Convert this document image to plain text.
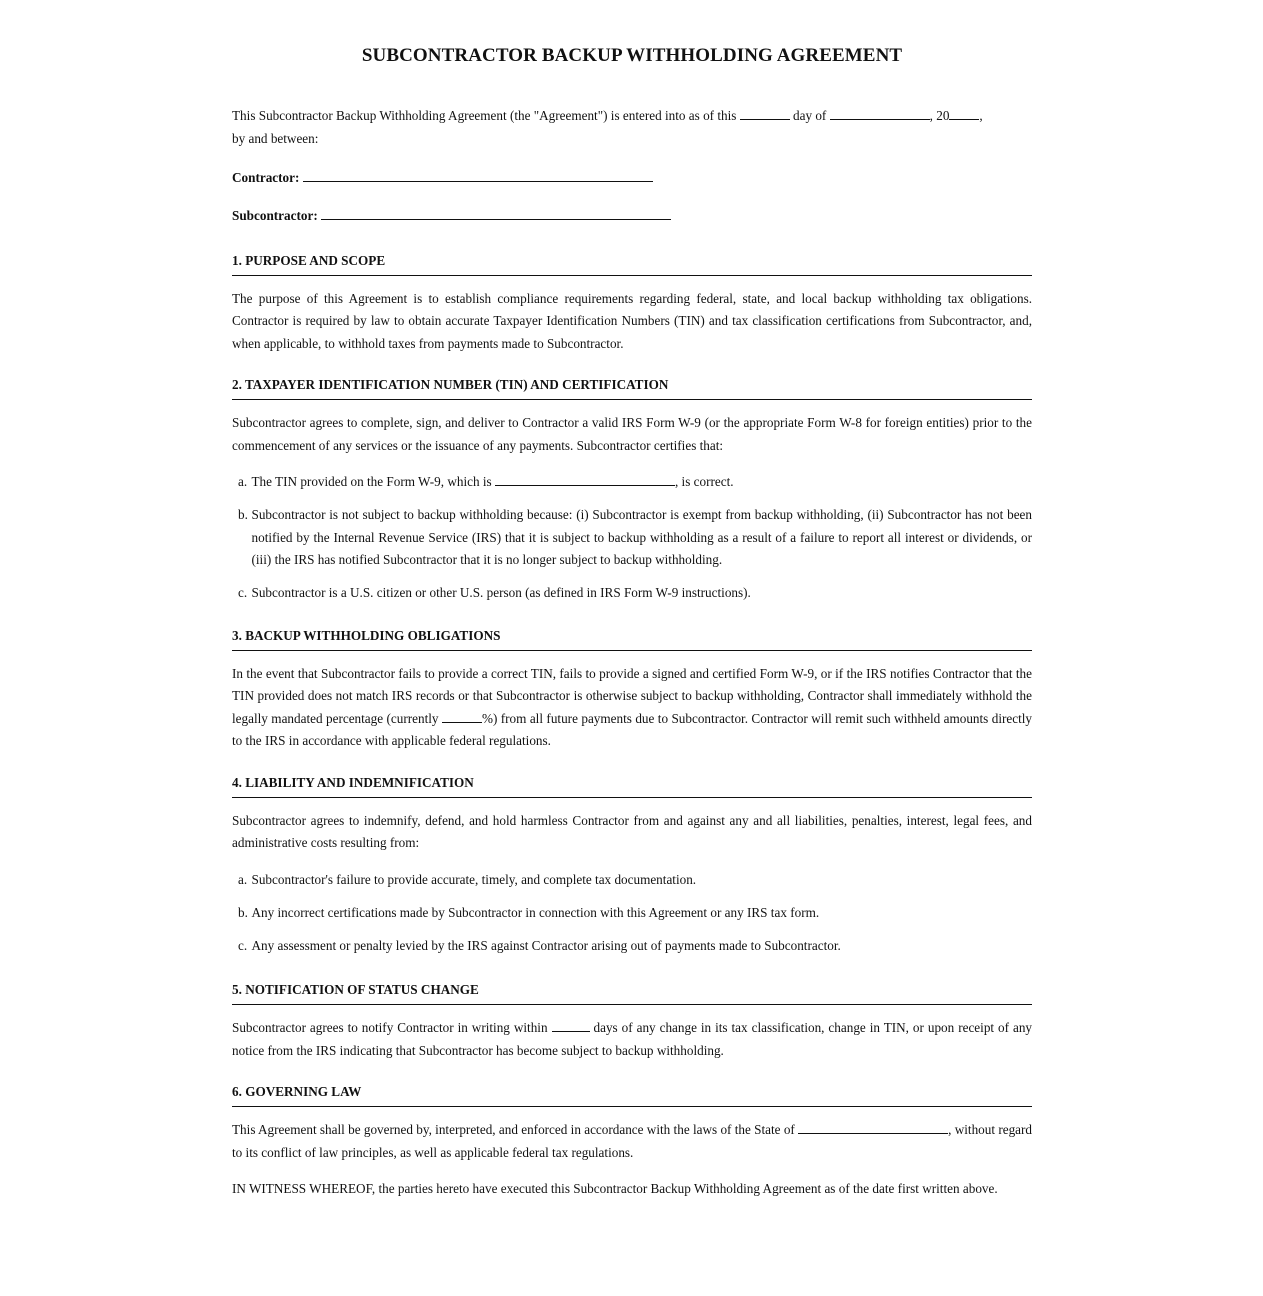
SUBCONTRACTOR BACKUP WITHHOLDING AGREEMENT

This Subcontractor Backup Withholding Agreement (the "Agreement") is entered into as of this	day of	, 20 ,
by and between:

Contractor:
Subcontractor:
1. PURPOSE AND SCOPE

The purpose of this Agreement is to establish compliance requirements regarding federal, state, and local backup withholding tax obligations. Contractor is required by law to obtain accurate Taxpayer Identification Numbers (TIN) and tax classification certifications from Subcontractor, and, when applicable, to withhold taxes from payments made to Subcontractor.

2. TAXPAYER IDENTIFICATION NUMBER (TIN) AND CERTIFICATION

Subcontractor agrees to complete, sign, and deliver to Contractor a valid IRS Form W-9 (or the appropriate Form W-8 for foreign entities) prior to the commencement of any services or the issuance of any payments. Subcontractor certifies that:

a. The TIN provided on the Form W-9, which is	, is correct.
b. Subcontractor is not subject to backup withholding because: (i) Subcontractor is exempt from backup withholding, (ii) Subcontractor has not been notified by the Internal Revenue Service (IRS) that it is subject to backup withholding as a result of a failure to report all interest or dividends, or (iii) the IRS has notified Subcontractor that it is no longer subject to backup withholding.
c. Subcontractor is a U.S. citizen or other U.S. person (as defined in IRS Form W-9 instructions).
3. BACKUP WITHHOLDING OBLIGATIONS

In the event that Subcontractor fails to provide a correct TIN, fails to provide a signed and certified Form W-9, or if the IRS notifies Contractor that the TIN provided does not match IRS records or that Subcontractor is otherwise subject to backup withholding, Contractor shall immediately withhold the legally mandated percentage (currently	%) from all future payments due to Subcontractor. Contractor will remit such withheld amounts directly to the IRS in accordance with applicable federal regulations.

4. LIABILITY AND INDEMNIFICATION

Subcontractor agrees to indemnify, defend, and hold harmless Contractor from and against any and all liabilities, penalties, interest, legal fees, and administrative costs resulting from:

a. Subcontractor's failure to provide accurate, timely, and complete tax documentation.
b. Any incorrect certifications made by Subcontractor in connection with this Agreement or any IRS tax form.
c. Any assessment or penalty levied by the IRS against Contractor arising out of payments made to Subcontractor.
5. NOTIFICATION OF STATUS CHANGE

Subcontractor agrees to notify Contractor in writing within	days of any change in its tax classification, change in TIN, or upon receipt of any notice from the IRS indicating that Subcontractor has become subject to backup withholding.

6. GOVERNING LAW

This Agreement shall be governed by, interpreted, and enforced in accordance with the laws of the State of	, without regard to its conflict of law principles, as well as applicable federal tax regulations.

IN WITNESS WHEREOF, the parties hereto have executed this Subcontractor Backup Withholding Agreement as of the date first written above.
